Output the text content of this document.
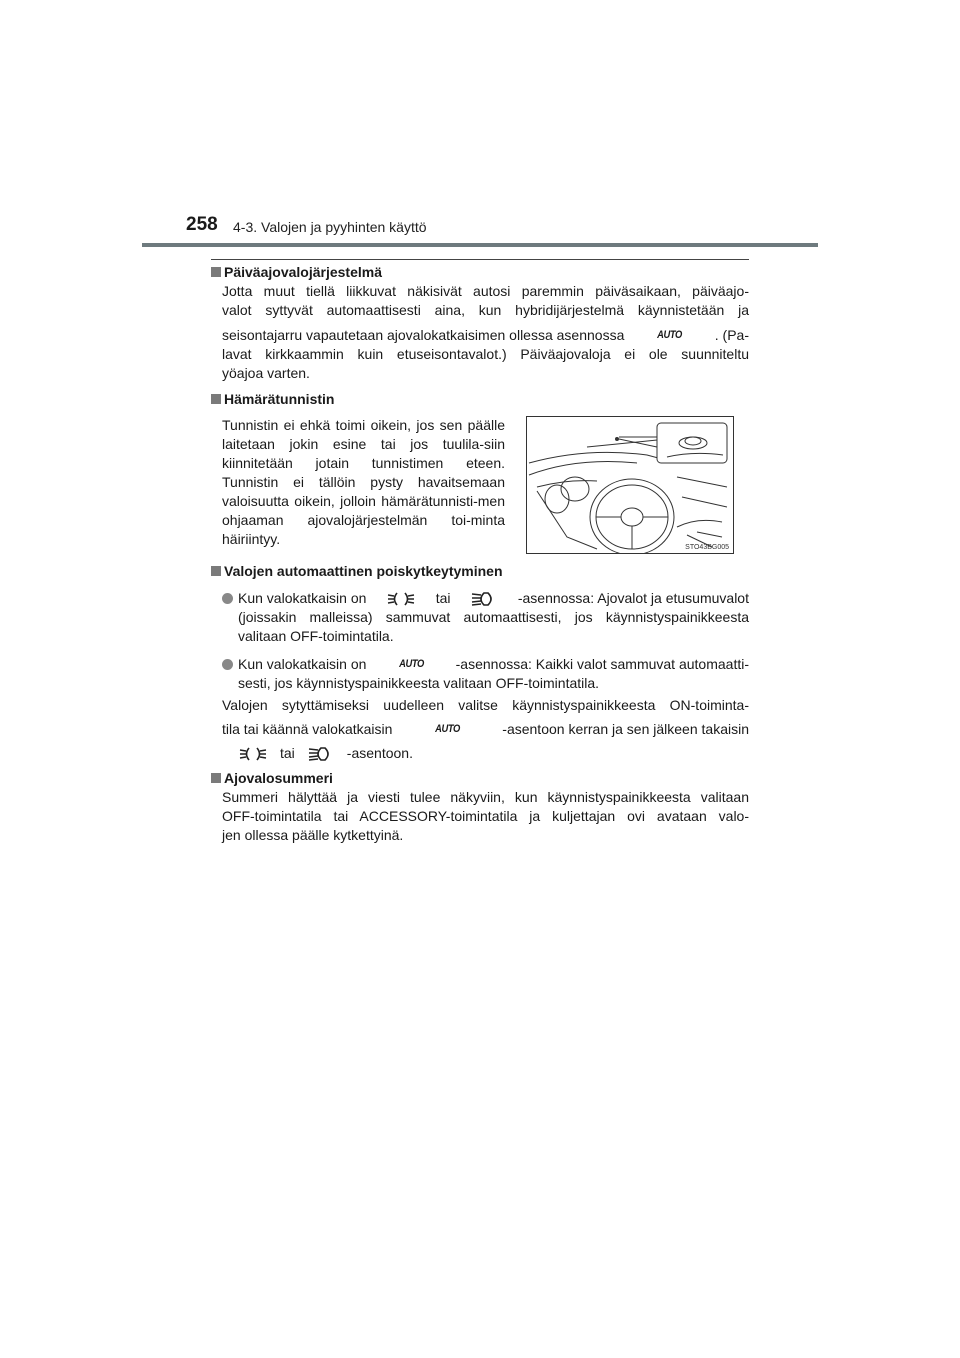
258 4-3. Valojen ja pyyhinten käyttö

Päiväajovalojärjestelmä

Jotta muut tiellä liikkuvat näkisivät autosi paremmin päiväsaikaan, päiväajo-
valot syttyvät automaattisesti aina, kun hybridijärjestelmä käynnistetään ja
seisontajarru vapautetaan ajovalokatkaisimen ollessa asennossa	AUTO . (Pa-
lavat kirkkaammin kuin etuseisontavalot.) Päiväajovaloja ei ole suunniteltu
yöajoa varten.

Hämärätunnistin

Tunnistin ei ehkä toimi oikein, jos sen päälle laitetaan jokin esine tai jos tuulila-siin kiinnitetään jotain tunnistimen eteen. Tunnistin ei tällöin pysty havaitsemaan valoisuutta oikein, jolloin hämärätunnisti-men ohjaaman ajovalojärjestelmän toi-minta häiriintyy.

Valojen automaattinen poiskytkeytyminen

Kun valokatkaisin on	tai	-asennossa: Ajovalot ja etusumuvalot
(joissakin malleissa) sammuvat automaattisesti, jos käynnistyspainikkeesta
valitaan OFF-toimintatila.
Kun valokatkaisin on	AUTO -asennossa: Kaikki valot sammuvat automaatti-
sesti, jos käynnistyspainikkeesta valitaan OFF-toimintatila.
Valojen sytyttämiseksi uudelleen valitse käynnistyspainikkeesta ON-toiminta-
tila tai käännä valokatkaisin	AUTO	-asentoon kerran ja sen jälkeen takaisin
tai	-asentoon.

Ajovalosummeri

Summeri hälyttää ja viesti tulee näkyviin, kun käynnistyspainikkeesta valitaan
OFF-toimintatila tai ACCESSORY-toimintatila ja kuljettajan ovi avataan valo-
jen ollessa päälle kytkettyinä.
STO43BG005
